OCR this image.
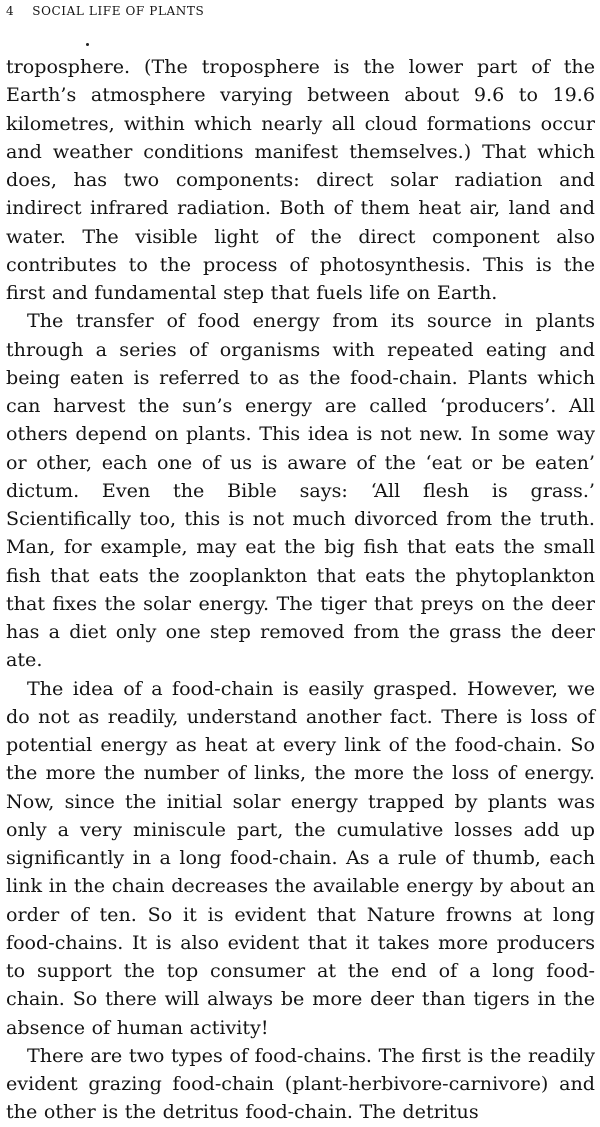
4 SOCIAL LIFE OF PLANTS

troposphere. (The troposphere is the lower part of the Earth’s atmosphere varying between about 9.6 to 19.6 kilometres, within which nearly all cloud formations occur and weather conditions manifest themselves.) That which does, has two components: direct solar radiation and indirect infrared radiation. Both of them heat air, land and water. The visible light of the direct component also contributes to the process of photosynthesis. This is the first and fundamental step that fuels life on Earth.

The transfer of food energy from its source in plants through a series of organisms with repeated eating and being eaten is referred to as the food-chain. Plants which can harvest the sun’s energy are called ‘producers’. All others depend on plants. This idea is not new. In some way or other, each one of us is aware of the ‘eat or be eaten’ dictum. Even the Bible says: ‘All flesh is grass.’ Scientifically too, this is not much divorced from the truth. Man, for example, may eat the big fish that eats the small fish that eats the zooplankton that eats the phytoplankton that fixes the solar energy. The tiger that preys on the deer has a diet only one step removed from the grass the deer ate.

The idea of a food-chain is easily grasped. However, we do not as readily, understand another fact. There is loss of potential energy as heat at every link of the food-chain. So the more the number of links, the more the loss of energy. Now, since the initial solar energy trapped by plants was only a very miniscule part, the cumulative losses add up significantly in a long food-chain. As a rule of thumb, each link in the chain decreases the available energy by about an order of ten. So it is evident that Nature frowns at long food-chains. It is also evident that it takes more producers to support the top consumer at the end of a long food-chain. So there will always be more deer than tigers in the absence of human activity!

There are two types of food-chains. The first is the readily evident grazing food-chain (plant-herbivore-carnivore) and the other is the detritus food-chain. The detritus
